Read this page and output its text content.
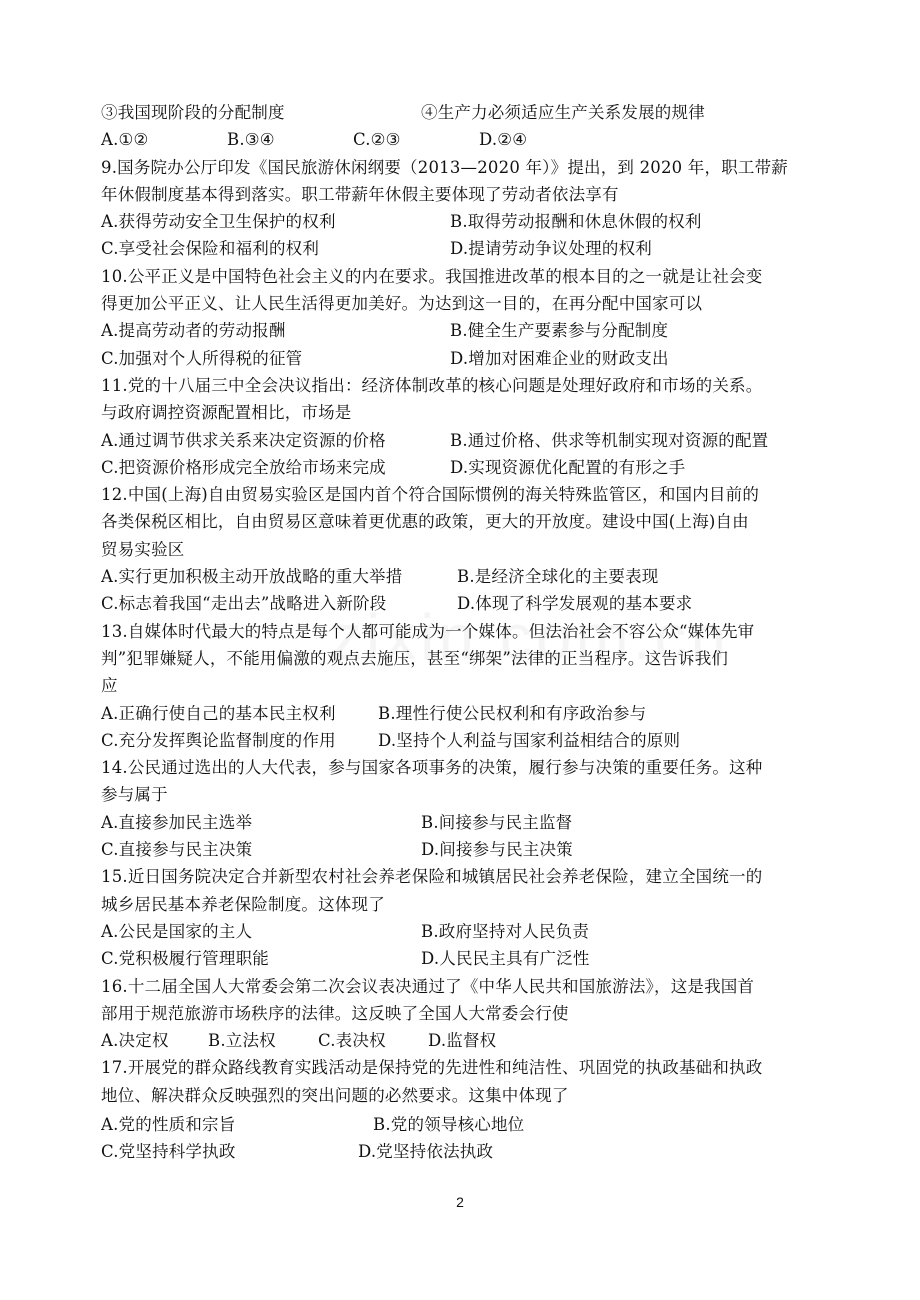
③我国现阶段的分配制度	④生产力必须适应生产关系发展的规律
A.①②	B.③④	C.②③	D.②④
9.国务院办公厅印发《国民旅游休闲纲要（2013—2020 年）》提出，到 2020 年，职工带薪
年休假制度基本得到落实。职工带薪年休假主要体现了劳动者依法享有
A.获得劳动安全卫生保护的权利	B.取得劳动报酬和休息休假的权利
C.享受社会保险和福利的权利	D.提请劳动争议处理的权利
10.公平正义是中国特色社会主义的内在要求。我国推进改革的根本目的之一就是让社会变
得更加公平正义、让人民生活得更加美好。为达到这一目的，在再分配中国家可以
A.提高劳动者的劳动报酬	B.健全生产要素参与分配制度
C.加强对个人所得税的征管	D.增加对困难企业的财政支出
11.党的十八届三中全会决议指出：经济体制改革的核心问题是处理好政府和市场的关系。
与政府调控资源配置相比，市场是
A.通过调节供求关系来决定资源的价格	B.通过价格、供求等机制实现对资源的配置
C.把资源价格形成完全放给市场来完成	D.实现资源优化配置的有形之手
12.中国(上海)自由贸易实验区是国内首个符合国际惯例的海关特殊监管区，和国内目前的
各类保税区相比，自由贸易区意味着更优惠的政策，更大的开放度。建设中国(上海)自由
贸易实验区
A.实行更加积极主动开放战略的重大举措	B.是经济全球化的主要表现
C.标志着我国“走出去”战略进入新阶段	D.体现了科学发展观的基本要求
13.自媒体时代最大的特点是每个人都可能成为一个媒体。但法治社会不容公众“媒体先审
判”犯罪嫌疑人，不能用偏激的观点去施压，甚至“绑架”法律的正当程序。这告诉我们
应
A.正确行使自己的基本民主权利	B.理性行使公民权利和有序政治参与
C.充分发挥舆论监督制度的作用	D.坚持个人利益与国家利益相结合的原则
14.公民通过选出的人大代表，参与国家各项事务的决策，履行参与决策的重要任务。这种
参与属于
A.直接参加民主选举	B.间接参与民主监督
C.直接参与民主决策	D.间接参与民主决策
15.近日国务院决定合并新型农村社会养老保险和城镇居民社会养老保险，建立全国统一的
城乡居民基本养老保险制度。这体现了
A.公民是国家的主人	B.政府坚持对人民负责
C.党积极履行管理职能	D.人民民主具有广泛性
16.十二届全国人大常委会第二次会议表决通过了《中华人民共和国旅游法》，这是我国首
部用于规范旅游市场秩序的法律。这反映了全国人大常委会行使
A.决定权	B.立法权	C.表决权	D.监督权
17.开展党的群众路线教育实践活动是保持党的先进性和纯洁性、巩固党的执政基础和执政
地位、解决群众反映强烈的突出问题的必然要求。这集中体现了
A.党的性质和宗旨	B.党的领导核心地位
C.党坚持科学执政	D.党坚持依法执政
2
